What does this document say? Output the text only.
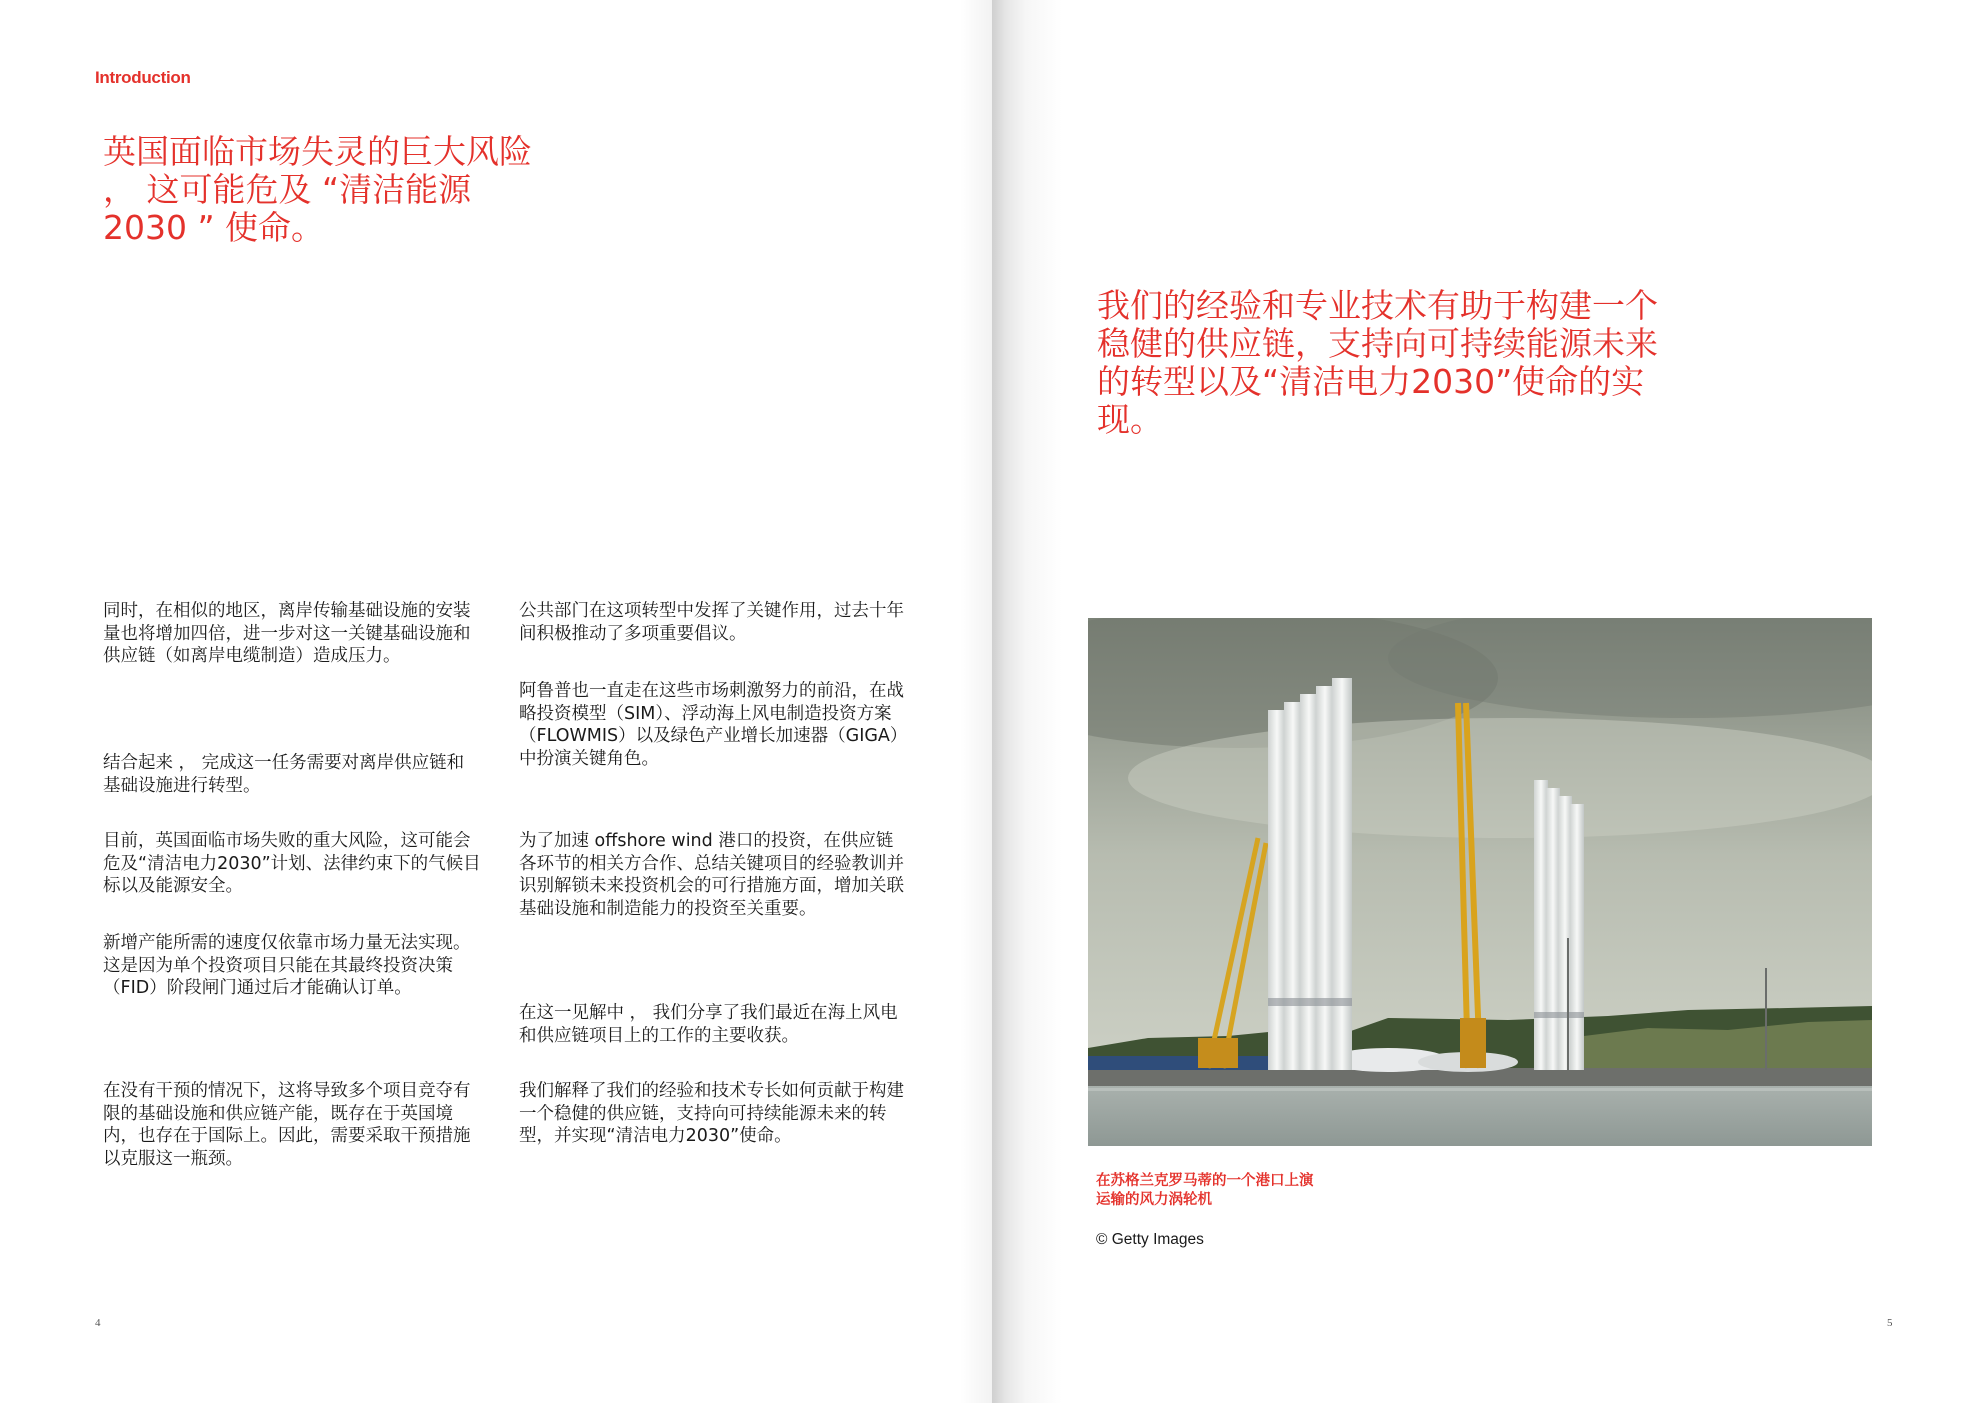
Introduction
英国面临市场失灵的巨大风险 ， 这可能危及 “清洁能源2030 ” 使命。

同时，在相似的地区，离岸传输基础设施的安装量也将增加四倍，进一步对这一关键基础设施和供应链（如离岸电缆制造）造成压力。

结合起来 ， 完成这一任务需要对离岸供应链和基础设施进行转型。

目前，英国面临市场失败的重大风险，这可能会危及“清洁电力2030”计划、法律约束下的气候目标以及能源安全。

新增产能所需的速度仅依靠市场力量无法实现。这是因为单个投资项目只能在其最终投资决策（FID）阶段闸门通过后才能确认订单。

在没有干预的情况下，这将导致多个项目竞夺有限的基础设施和供应链产能，既存在于英国境内，也存在于国际上。因此，需要采取干预措施以克服这一瓶颈。

公共部门在这项转型中发挥了关键作用，过去十年间积极推动了多项重要倡议。

阿鲁普也一直走在这些市场刺激努力的前沿，在战略投资模型（SIM）、浮动海上风电制造投资方案（FLOWMIS）以及绿色产业增长加速器（GIGA）中扮演关键角色。

为了加速 offshore wind 港口的投资，在供应链各环节的相关方合作、总结关键项目的经验教训并识别解锁未来投资机会的可行措施方面，增加关联基础设施和制造能力的投资至关重要。

在这一见解中 ， 我们分享了我们最近在海上风电和供应链项目上的工作的主要收获。

我们解释了我们的经验和技术专长如何贡献于构建一个稳健的供应链，支持向可持续能源未来的转型，并实现“清洁电力2030”使命。

4	5
我们的经验和专业技术有助于构建一个稳健的供应链，支持向可持续能源未来的转型以及“清洁电力2030”使命的实现。
在苏格兰克罗马蒂的一个港口上演运输的风力涡轮机
© Getty Images
